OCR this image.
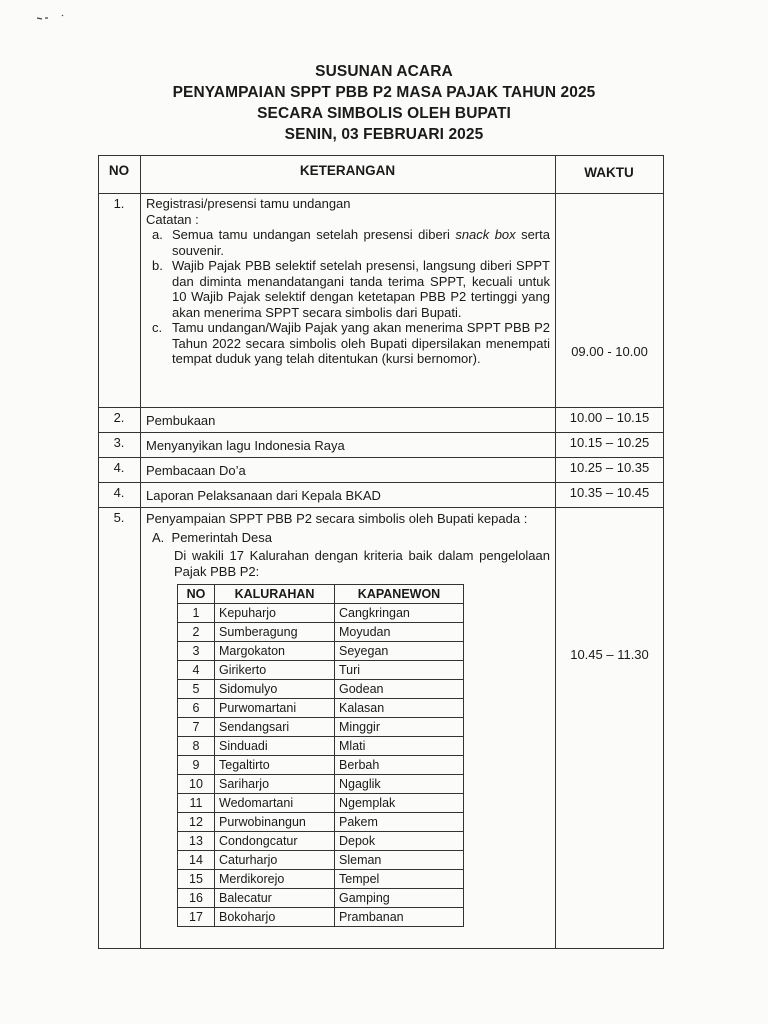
SUSUNAN ACARA
PENYAMPAIAN SPPT PBB P2 MASA PAJAK TAHUN 2025
SECARA SIMBOLIS OLEH BUPATI
SENIN, 03 FEBRUARI 2025
NO	KETERANGAN	WAKTU
1.	Registrasi/presensi tamu undangan
Catatan :
a. Semua tamu undangan setelah presensi diberi snack box serta souvenir.
b. Wajib Pajak PBB selektif setelah presensi, langsung diberi SPPT dan diminta menandatangani tanda terima SPPT, kecuali untuk 10 Wajib Pajak selektif dengan ketetapan PBB P2 tertinggi yang akan menerima SPPT secara simbolis dari Bupati.
c. Tamu undangan/Wajib Pajak yang akan menerima SPPT PBB P2 Tahun 2022 secara simbolis oleh Bupati dipersilakan menempati tempat duduk yang telah ditentukan (kursi bernomor).	09.00 - 10.00
2.	Pembukaan	10.00 – 10.15
3.	Menyanyikan lagu Indonesia Raya	10.15 – 10.25
4.	Pembacaan Do’a	10.25 – 10.35
4.	Laporan Pelaksanaan dari Kepala BKAD	10.35 – 10.45
5.	Penyampaian SPPT PBB P2 secara simbolis oleh Bupati kepada :
A. Pemerintah Desa
Di wakili 17 Kalurahan dengan kriteria baik dalam pengelolaan Pajak PBB P2:
10.45 – 11.30
NO	KALURAHAN	KAPANEWON
1	Kepuharjo	Cangkringan
2	Sumberagung	Moyudan
3	Margokaton	Seyegan
4	Girikerto	Turi
5	Sidomulyo	Godean
6	Purwomartani	Kalasan
7	Sendangsari	Minggir
8	Sinduadi	Mlati
9	Tegaltirto	Berbah
10	Sariharjo	Ngaglik
11	Wedomartani	Ngemplak
12	Purwobinangun	Pakem
13	Condongcatur	Depok
14	Caturharjo	Sleman
15	Merdikorejo	Tempel
16	Balecatur	Gamping
17	Bokoharjo	Prambanan
